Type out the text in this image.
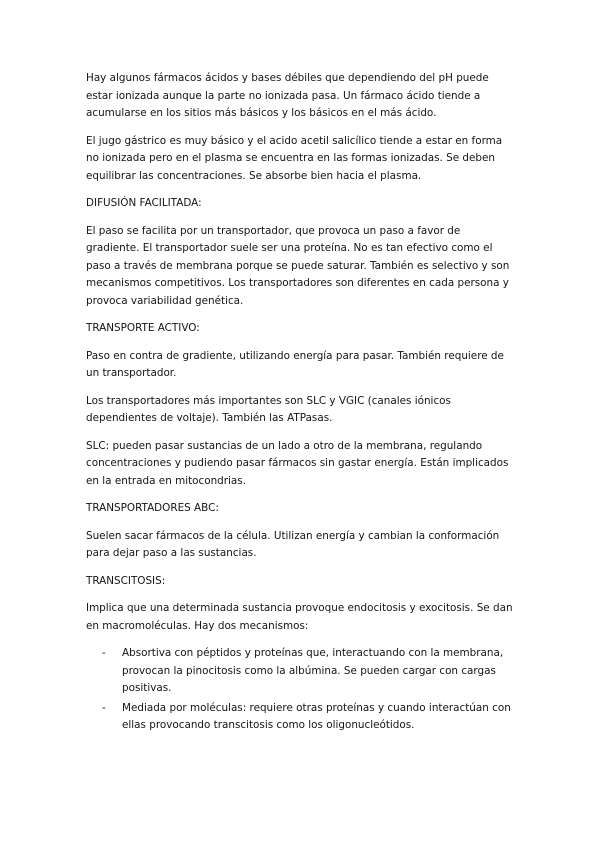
Hay algunos fármacos ácidos y bases débiles que dependiendo del pH puede estar ionizada aunque la parte no ionizada pasa. Un fármaco ácido tiende a acumularse en los sitios más básicos y los básicos en el más ácido.

El jugo gástrico es muy básico y el acido acetil salicílico tiende a estar en forma no ionizada pero en el plasma se encuentra en las formas ionizadas. Se deben equilibrar las concentraciones. Se absorbe bien hacia el plasma.

DIFUSIÓN FACILITADA:

El paso se facilita por un transportador, que provoca un paso a favor de gradiente. El transportador suele ser una proteína. No es tan efectivo como el paso a través de membrana porque se puede saturar. También es selectivo y son mecanismos competitivos. Los transportadores son diferentes en cada persona y provoca variabilidad genética.

TRANSPORTE ACTIVO:

Paso en contra de gradiente, utilizando energía para pasar. También requiere de un transportador.

Los transportadores más importantes son SLC y VGIC (canales iónicos dependientes de voltaje). También las ATPasas.

SLC: pueden pasar sustancias de un lado a otro de la membrana, regulando concentraciones y pudiendo pasar fármacos sin gastar energía. Están implicados en la entrada en mitocondrias.

TRANSPORTADORES ABC:

Suelen sacar fármacos de la célula. Utilizan energía y cambian la conformación para dejar paso a las sustancias.

TRANSCITOSIS:

Implica que una determinada sustancia provoque endocitosis y exocitosis. Se dan en macromoléculas. Hay dos mecanismos:

- Absortiva con péptidos y proteínas que, interactuando con la membrana, provocan la pinocitosis como la albúmina. Se pueden cargar con cargas positivas.
- Mediada por moléculas: requiere otras proteínas y cuando interactúan con ellas provocando transcitosis como los oligonucleótidos.
